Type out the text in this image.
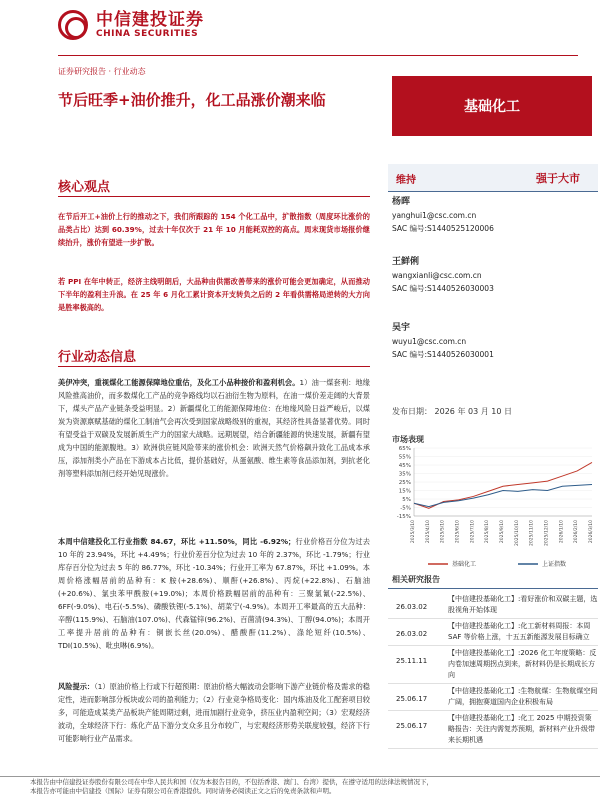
中信建投证券
CHINA SECURITIES
证券研究报告 · 行业动态
节后旺季+油价推升，化工品涨价潮来临	基础化工
核心观点
在节后开工+油价上行的推动之下，我们所跟踪的 154 个化工品中，扩散指数（周度环比涨价的品类占比）达到 60.39%，过去十年仅次于 21 年 10 月能耗双控的高点。周末现货市场报价继续抬升，涨价有望进一步扩散。
若 PPI 在年中转正，经济主线明朗后，大品种由供需改善带来的涨价可能会更加确定，从而推动下半年的盈利主升浪。在 25 年 6 月化工累计资本开支转负之后的 2 年看供需格局逆转的大方向是胜率极高的。
行业动态信息
美伊冲突，重视煤化工能源保障地位重估，及化工小品种接价和盈利机会。1）油一煤套利：地缘风险推高油价，而多数煤化工产品的竞争路线均以石油衍生物为原料，在油一煤价差走阔的大背景下，煤头产品产业链条受益明显。2）新疆煤化工的能源保障地位：在地缘风险日益严峻后，以煤炭为资源禀赋基础的煤化工制油气会再次受到国家战略级别的重视，其经济性具备显著优势。同时有望受益于双碳及发展新质生产力的国家大战略。远期展望，结合新疆能源的快速发展，新疆有望成为中国的能源腹地。3）欧洲供应链风险带来的涨价机会：欧洲天然气价格飙升致化工品成本承压，添加剂类小产品在下游成本占比低，提价基础好，从蛋氨酸、维生素等食品添加剂，到抗老化剂等塑料添加剂已经开始见现涨价。
本周中信建投化工行业指数 84.67，环比 +11.50%，同比 -6.92%；行业价格百分位为过去 10 年的 23.94%，环比 +4.49%；行业价差百分位为过去 10 年的 2.37%，环比 -1.79%；行业库存百分位为过去 5 年的 86.77%，环比 -10.34%；行业开工率为 67.87%，环比 +1.09%。本周价格涨幅居前的品种有：K 胺(+28.6%)、顺酐(+26.8%)、丙烷(+22.8%)、石脑油(+20.6%)、氯虫苯甲酰胺(+19.0%)；本周价格跌幅居前的品种有：三聚氯氰(-22.5%)、6FF(-9.0%)、电石(-5.5%)、磷酸铁锂(-5.1%)、胡菜宁(-4.9%)。本周开工率最高的五大品种：辛醇(115.9%)、石脑油(107.0%)、代森锰锌(96.2%)、百菌清(94.3%)、丁醇(94.0%)；本周开工率提升居前的品种有：铜嵌长丝(20.0%)、醋酸酐(11.2%)、涤纶短纤(10.5%)、TDI(10.5%)、吡虫啉(6.9%)。
风险提示：（1）原油价格上行或下行超预期：原油价格大幅波动会影响下游产业链价格及需求的稳定性，进而影响部分板块或公司的盈利能力；（2）行业竞争格局变化：国内炼油及化工配套项目较多，可能造成某类产品板块产能周期过剩，进而加剧行业竞争，挤压业内盈利空间；（3）宏观经济波动，全球经济下行：炼化产品下游分支众多且分布较广，与宏观经济形势关联度较强，经济下行可能影响行业产品需求。
维持	强于大市
杨晖
yanghui1@csc.com.cn
SAC 编号:S1440525120006
王鲜俐
wangxianli@csc.com.cn
SAC 编号:S1440526030003
吴宇
wuyu1@csc.com.cn
SAC 编号:S1440526030001
发布日期： 2026 年 03 月 10 日
市场表现
65%
55%
45%
35%
25%
15%
5%
-5%
-15%
2025/3/10 2025/4/10 2025/5/10 2025/6/10 2025/7/10 2025/8/10 2025/9/10 2025/10/10 2025/11/10 2025/12/10 2026/1/10 2026/2/10 2026/3/10
基础化工	上证指数
相关研究报告
26.03.02
【中信建投基础化工】:看好涨价和双碳主题，选股视角开始体现
26.03.02
【中信建投基础化工】:化工新材料周报：本周 SAF 等价格上涨，十五五新能源发展目标确立
25.11.11
【中信建投基础化工】:2026 化工年度策略：反内卷加速周期拐点到来，新材料仍是长期成长方向
25.06.17
【中信建投基础化工】:生物航煤：生物航煤空间广阔，拥抱赛道国内企业积极布局
25.06.17
【中信建投基础化工】:化工 2025 中期投资策略报告：关注内需复苏预期，新材料产业升级带来长期机遇
本报告由中信建投证券股份有限公司在中华人民共和国（仅为本报告目的，不包括香港、澳门、台湾）提供，在遵守适用的法律法规情况下，
本报告亦可能由中信建投（国际）证券有限公司在香港提供。同时请务必阅读正文之后的免责条款和声明。
